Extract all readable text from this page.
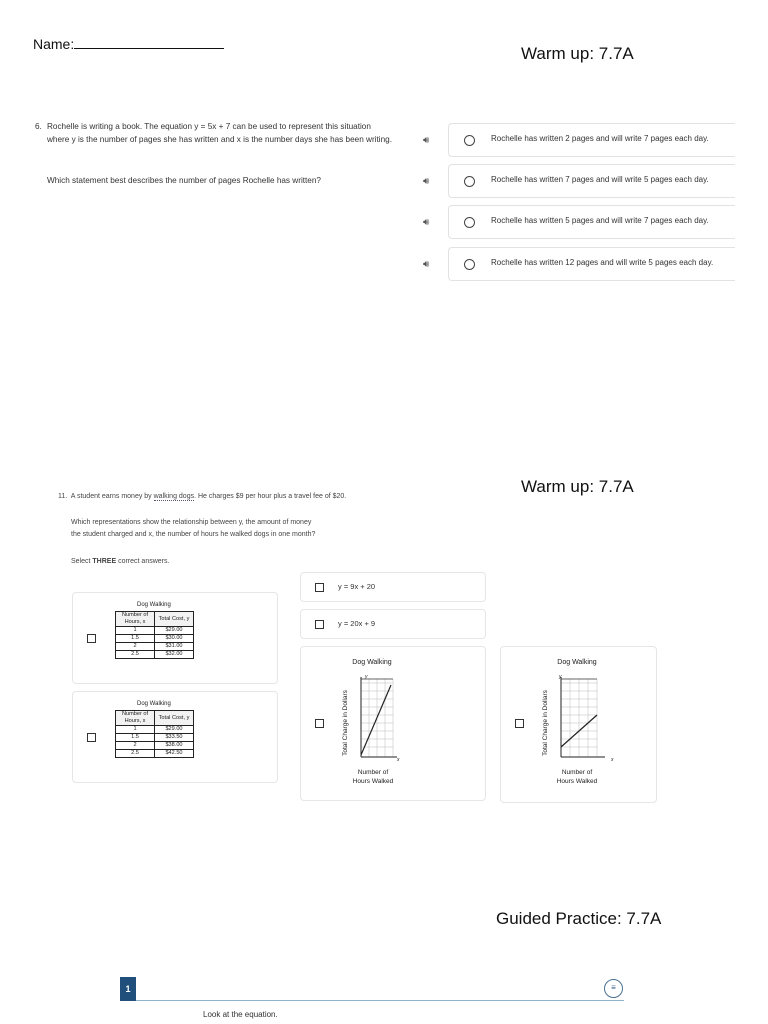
Name:	Warm up: 7.7A
6. Rochelle is writing a book. The equation y = 5x + 7 can be used to represent this situation where y is the number of pages she has written and x is the number days she has been writing.
Which statement best describes the number of pages Rochelle has written?
🔊︎	Rochelle has written 2 pages and will write 7 pages each day.
🔊︎	Rochelle has written 7 pages and will write 5 pages each day.
🔊︎	Rochelle has written 5 pages and will write 7 pages each day.
🔊︎	Rochelle has written 12 pages and will write 5 pages each day.
Warm up: 7.7A
11. A student earns money by walking dogs. He charges $9 per hour plus a travel fee of $20.
Which representations show the relationship between y, the amount of money
the student charged and x, the number of hours he walked dogs in one month?
Select THREE correct answers.
y = 9x + 20
y = 20x + 9
Dog Walking
Number of Hours, x	Total Cost, y
1	$29.00
1.5	$30.00
2	$31.00
2.5	$32.00
Dog Walking
Number of Hours, x	Total Cost, y
1	$29.00
1.5	$33.50
2	$38.00
2.5	$42.50
Dog Walking
y
x
Total Charge in Dollars
Number of
Hours Walked
Dog Walking
y
x
Total Charge in Dollars
Number of
Hours Walked
Guided Practice: 7.7A
1	≡
Look at the equation.
